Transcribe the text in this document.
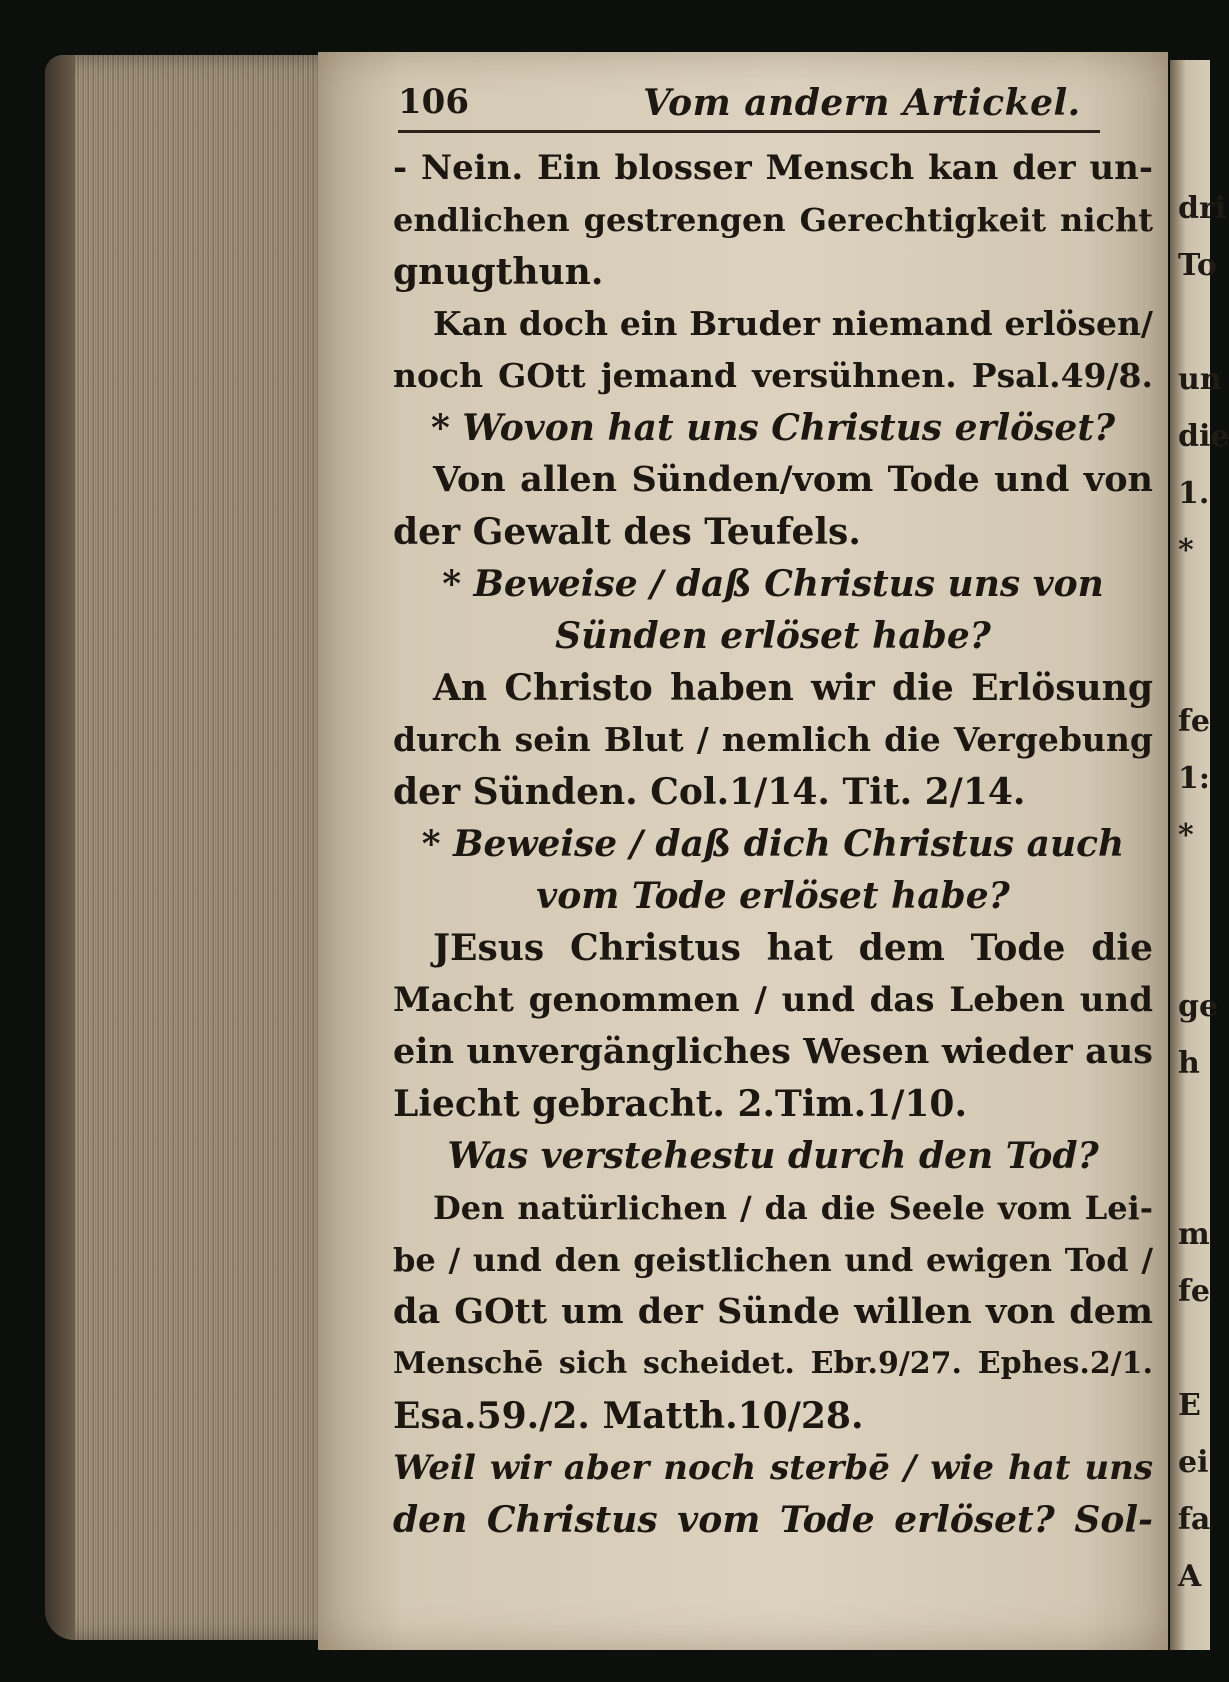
dri
To

un
die
1.
*

fe
1:
*

ge
h

m
fe

E
ei
fa
A
106	Vom andern Artickel.
- Nein. Ein blosser Mensch kan der un-
endlichen gestrengen Gerechtigkeit nicht
gnugthun.
Kan doch ein Bruder niemand erlösen/
noch GOtt jemand versühnen. Psal.49/8.
* Wovon hat uns Christus erlöset?
Von allen Sünden/vom Tode und von
der Gewalt des Teufels.
* Beweise / daß Christus uns von
Sünden erlöset habe?
An Christo haben wir die Erlösung
durch sein Blut / nemlich die Vergebung
der Sünden. Col.1/14. Tit. 2/14.
* Beweise / daß dich Christus auch
vom Tode erlöset habe?
JEsus Christus hat dem Tode die
Macht genommen / und das Leben und
ein unvergängliches Wesen wieder aus
Liecht gebracht. 2.Tim.1/10.
Was verstehestu durch den Tod?
Den natürlichen / da die Seele vom Lei-
be / und den geistlichen und ewigen Tod /
da GOtt um der Sünde willen von dem
Menschē sich scheidet. Ebr.9/27. Ephes.2/1.
Esa.59./2. Matth.10/28.
Weil wir aber noch sterbē / wie hat uns
den Christus vom Tode erlöset? Sol-
